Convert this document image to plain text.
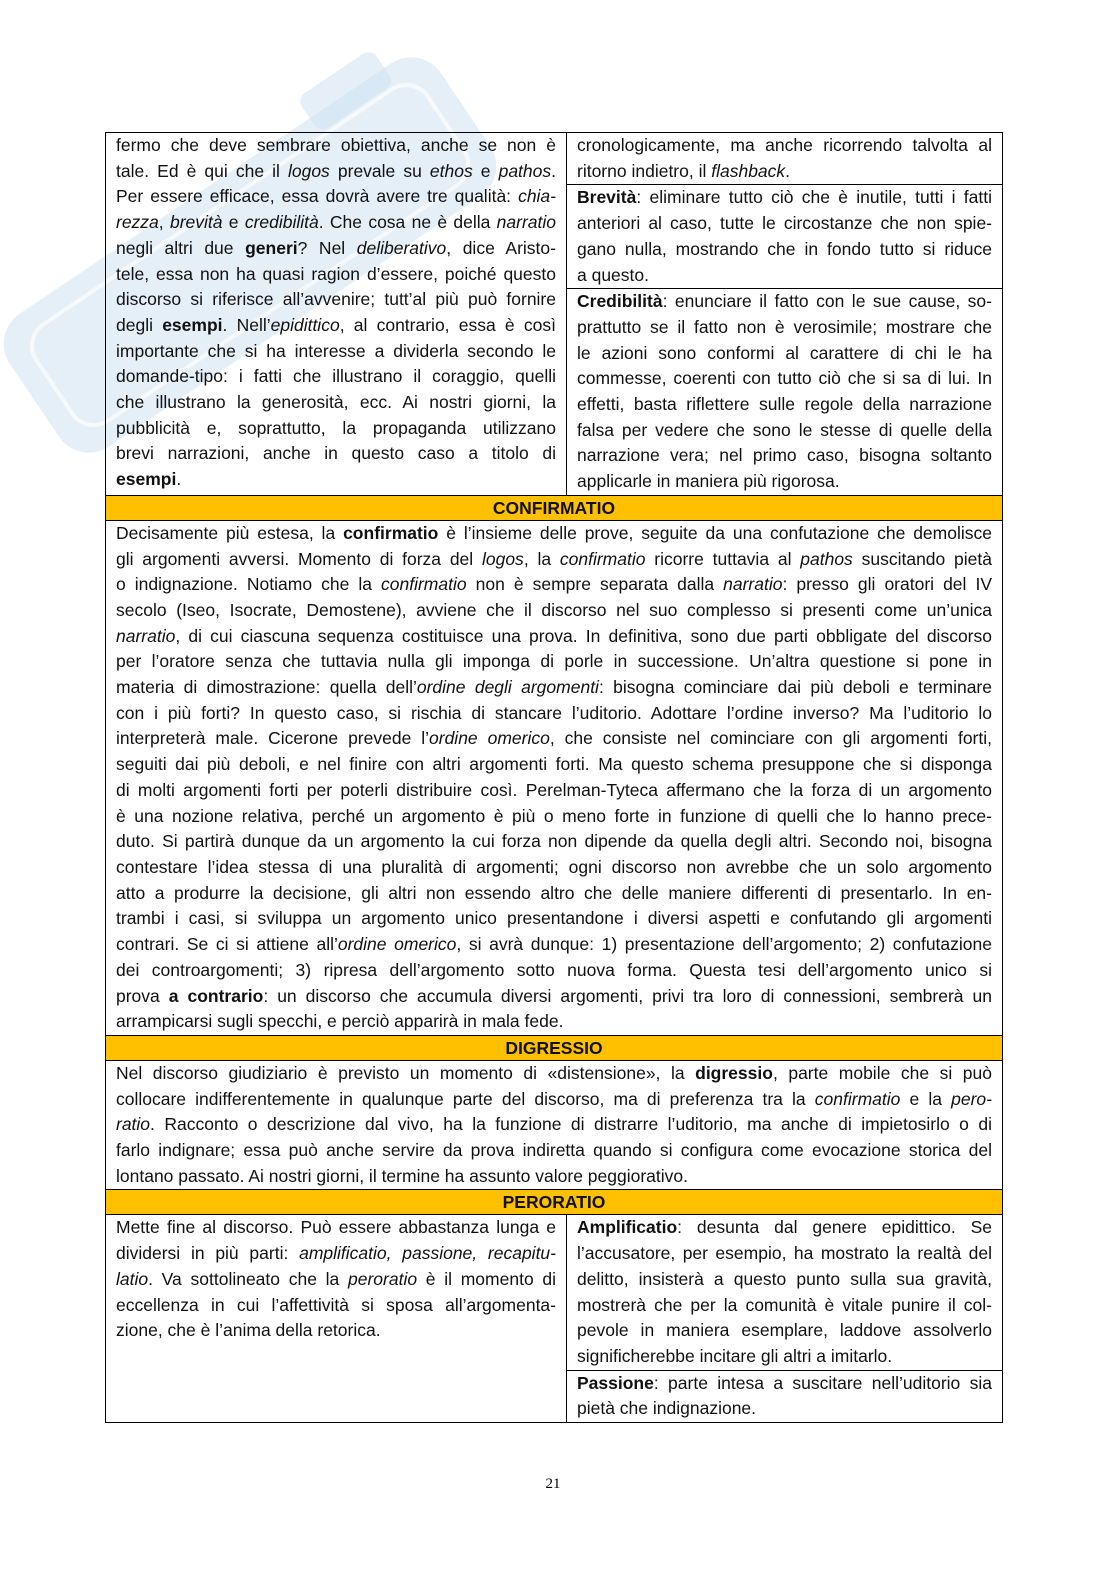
fermo che deve sembrare obiettiva, anche se non è
tale. Ed è qui che il logos prevale su ethos e pathos.
Per essere efficace, essa dovrà avere tre qualità: chia-
rezza, brevità e credibilità. Che cosa ne è della narratio
negli altri due generi? Nel deliberativo, dice Aristo-
tele, essa non ha quasi ragion d’essere, poiché questo
discorso si riferisce all’avvenire; tutt’al più può fornire
degli esempi. Nell’epidittico, al contrario, essa è così
importante che si ha interesse a dividerla secondo le
domande-tipo: i fatti che illustrano il coraggio, quelli
che illustrano la generosità, ecc. Ai nostri giorni, la
pubblicità e, soprattutto, la propaganda utilizzano
brevi narrazioni, anche in questo caso a titolo di
esempi.
cronologicamente, ma anche ricorrendo talvolta al
ritorno indietro, il flashback.
Brevità: eliminare tutto ciò che è inutile, tutti i fatti
anteriori al caso, tutte le circostanze che non spie-
gano nulla, mostrando che in fondo tutto si riduce
a questo.
Credibilità: enunciare il fatto con le sue cause, so-
prattutto se il fatto non è verosimile; mostrare che
le azioni sono conformi al carattere di chi le ha
commesse, coerenti con tutto ciò che si sa di lui. In
effetti, basta riflettere sulle regole della narrazione
falsa per vedere che sono le stesse di quelle della
narrazione vera; nel primo caso, bisogna soltanto
applicarle in maniera più rigorosa.
CONFIRMATIO
Decisamente più estesa, la confirmatio è l’insieme delle prove, seguite da una confutazione che demolisce
gli argomenti avversi. Momento di forza del logos, la confirmatio ricorre tuttavia al pathos suscitando pietà
o indignazione. Notiamo che la confirmatio non è sempre separata dalla narratio: presso gli oratori del IV
secolo (Iseo, Isocrate, Demostene), avviene che il discorso nel suo complesso si presenti come un’unica
narratio, di cui ciascuna sequenza costituisce una prova. In definitiva, sono due parti obbligate del discorso
per l’oratore senza che tuttavia nulla gli imponga di porle in successione. Un’altra questione si pone in
materia di dimostrazione: quella dell’ordine degli argomenti: bisogna cominciare dai più deboli e terminare
con i più forti? In questo caso, si rischia di stancare l’uditorio. Adottare l’ordine inverso? Ma l’uditorio lo
interpreterà male. Cicerone prevede l’ordine omerico, che consiste nel cominciare con gli argomenti forti,
seguiti dai più deboli, e nel finire con altri argomenti forti. Ma questo schema presuppone che si disponga
di molti argomenti forti per poterli distribuire così. Perelman-Tyteca affermano che la forza di un argomento
è una nozione relativa, perché un argomento è più o meno forte in funzione di quelli che lo hanno prece-
duto. Si partirà dunque da un argomento la cui forza non dipende da quella degli altri. Secondo noi, bisogna
contestare l’idea stessa di una pluralità di argomenti; ogni discorso non avrebbe che un solo argomento
atto a produrre la decisione, gli altri non essendo altro che delle maniere differenti di presentarlo. In en-
trambi i casi, si sviluppa un argomento unico presentandone i diversi aspetti e confutando gli argomenti
contrari. Se ci si attiene all’ordine omerico, si avrà dunque: 1) presentazione dell’argomento; 2) confutazione
dei controargomenti; 3) ripresa dell’argomento sotto nuova forma. Questa tesi dell’argomento unico si
prova a contrario: un discorso che accumula diversi argomenti, privi tra loro di connessioni, sembrerà un
arrampicarsi sugli specchi, e perciò apparirà in mala fede.
DIGRESSIO
Nel discorso giudiziario è previsto un momento di «distensione», la digressio, parte mobile che si può
collocare indifferentemente in qualunque parte del discorso, ma di preferenza tra la confirmatio e la pero-
ratio. Racconto o descrizione dal vivo, ha la funzione di distrarre l’uditorio, ma anche di impietosirlo o di
farlo indignare; essa può anche servire da prova indiretta quando si configura come evocazione storica del
lontano passato. Ai nostri giorni, il termine ha assunto valore peggiorativo.
PERORATIO
Mette fine al discorso. Può essere abbastanza lunga e
dividersi in più parti: amplificatio, passione, recapitu-
latio. Va sottolineato che la peroratio è il momento di
eccellenza in cui l’affettività si sposa all’argomenta-
zione, che è l’anima della retorica.
Amplificatio: desunta dal genere epidittico. Se
l’accusatore, per esempio, ha mostrato la realtà del
delitto, insisterà a questo punto sulla sua gravità,
mostrerà che per la comunità è vitale punire il col-
pevole in maniera esemplare, laddove assolverlo
significherebbe incitare gli altri a imitarlo.
Passione: parte intesa a suscitare nell’uditorio sia
pietà che indignazione.
21
